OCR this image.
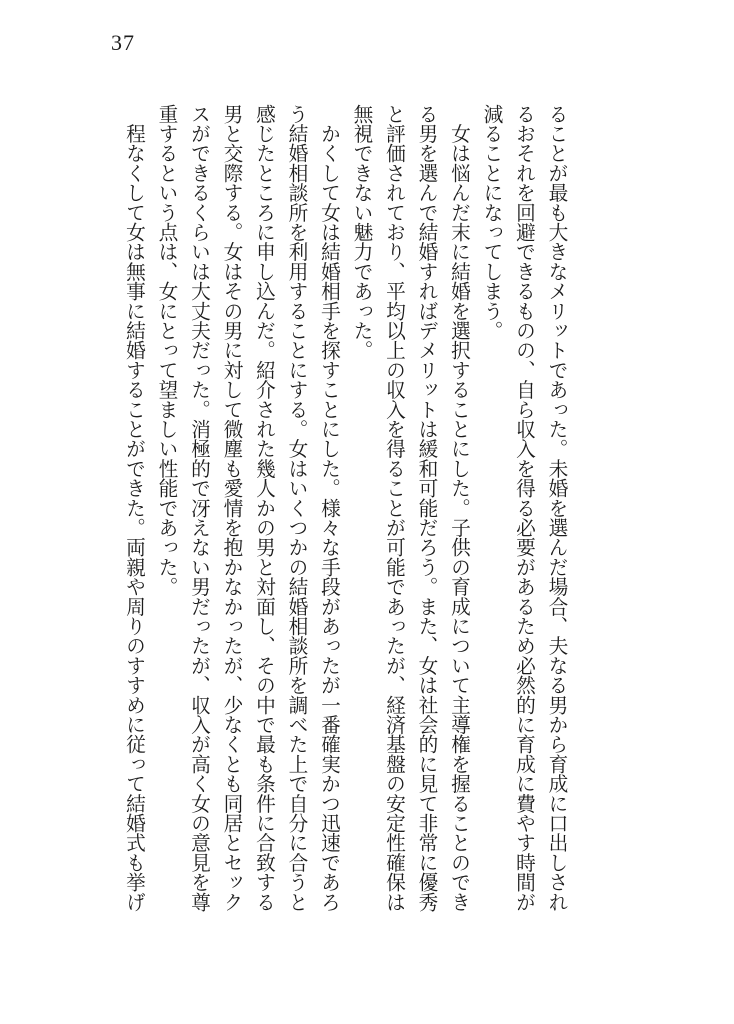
37
ることが最も大きなメリットであった。未婚を選んだ場合、夫なる男から育成に口出しされ
るおそれを回避できるものの、自ら収入を得る必要があるため必然的に育成に費やす時間が
減ることになってしまう。
　女は悩んだ末に結婚を選択することにした。子供の育成について主導権を握ることのでき
る男を選んで結婚すればデメリットは緩和可能だろう。また、女は社会的に見て非常に優秀
と評価されており、平均以上の収入を得ることが可能であったが、経済基盤の安定性確保は
無視できない魅力であった。
　かくして女は結婚相手を探すことにした。様々な手段があったが一番確実かつ迅速であろ
う結婚相談所を利用することにする。女はいくつかの結婚相談所を調べた上で自分に合うと
感じたところに申し込んだ。紹介された幾人かの男と対面し、その中で最も条件に合致する
男と交際する。女はその男に対して微塵も愛情を抱かなかったが、少なくとも同居とセック
スができるくらいは大丈夫だった。消極的で冴えない男だったが、収入が高く女の意見を尊
重するという点は、女にとって望ましい性能であった。
　程なくして女は無事に結婚することができた。両親や周りのすすめに従って結婚式も挙げ
